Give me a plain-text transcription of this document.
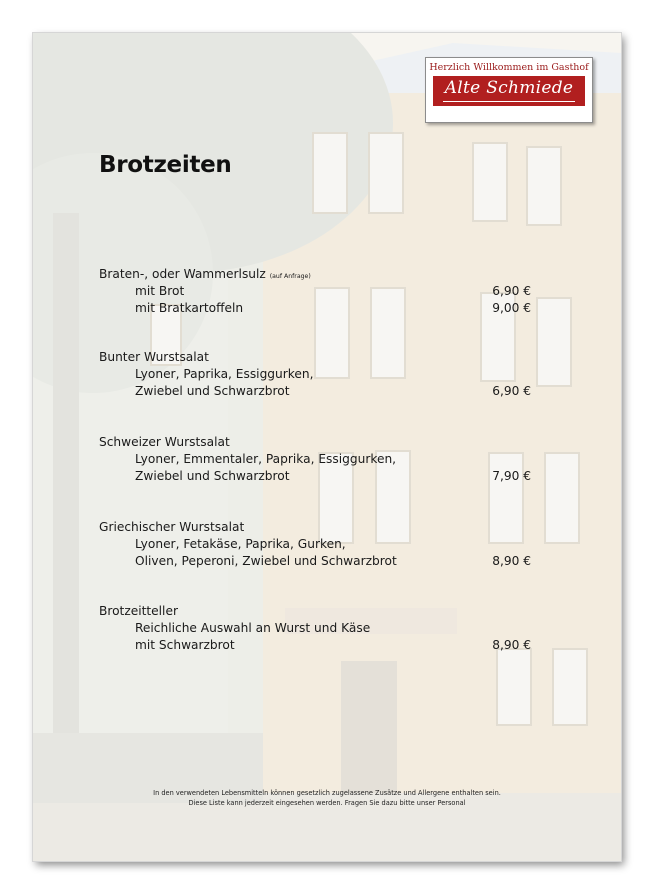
Herzlich Willkommen im Gasthof
Alte Schmiede
Brotzeiten
Braten-, oder Wammerlsulz (auf Anfrage)
mit Brot	6,90 €
mit Bratkartoffeln	9,00 €
Bunter Wurstsalat
Lyoner, Paprika, Essiggurken,
Zwiebel und Schwarzbrot	6,90 €
Schweizer Wurstsalat
Lyoner, Emmentaler, Paprika, Essiggurken,
Zwiebel und Schwarzbrot	7,90 €
Griechischer Wurstsalat
Lyoner, Fetakäse, Paprika, Gurken,
Oliven, Peperoni, Zwiebel und Schwarzbrot	8,90 €
Brotzeitteller
Reichliche Auswahl an Wurst und Käse
mit Schwarzbrot	8,90 €
In den verwendeten Lebensmitteln können gesetzlich zugelassene Zusätze und Allergene enthalten sein.
Diese Liste kann jederzeit eingesehen werden. Fragen Sie dazu bitte unser Personal
